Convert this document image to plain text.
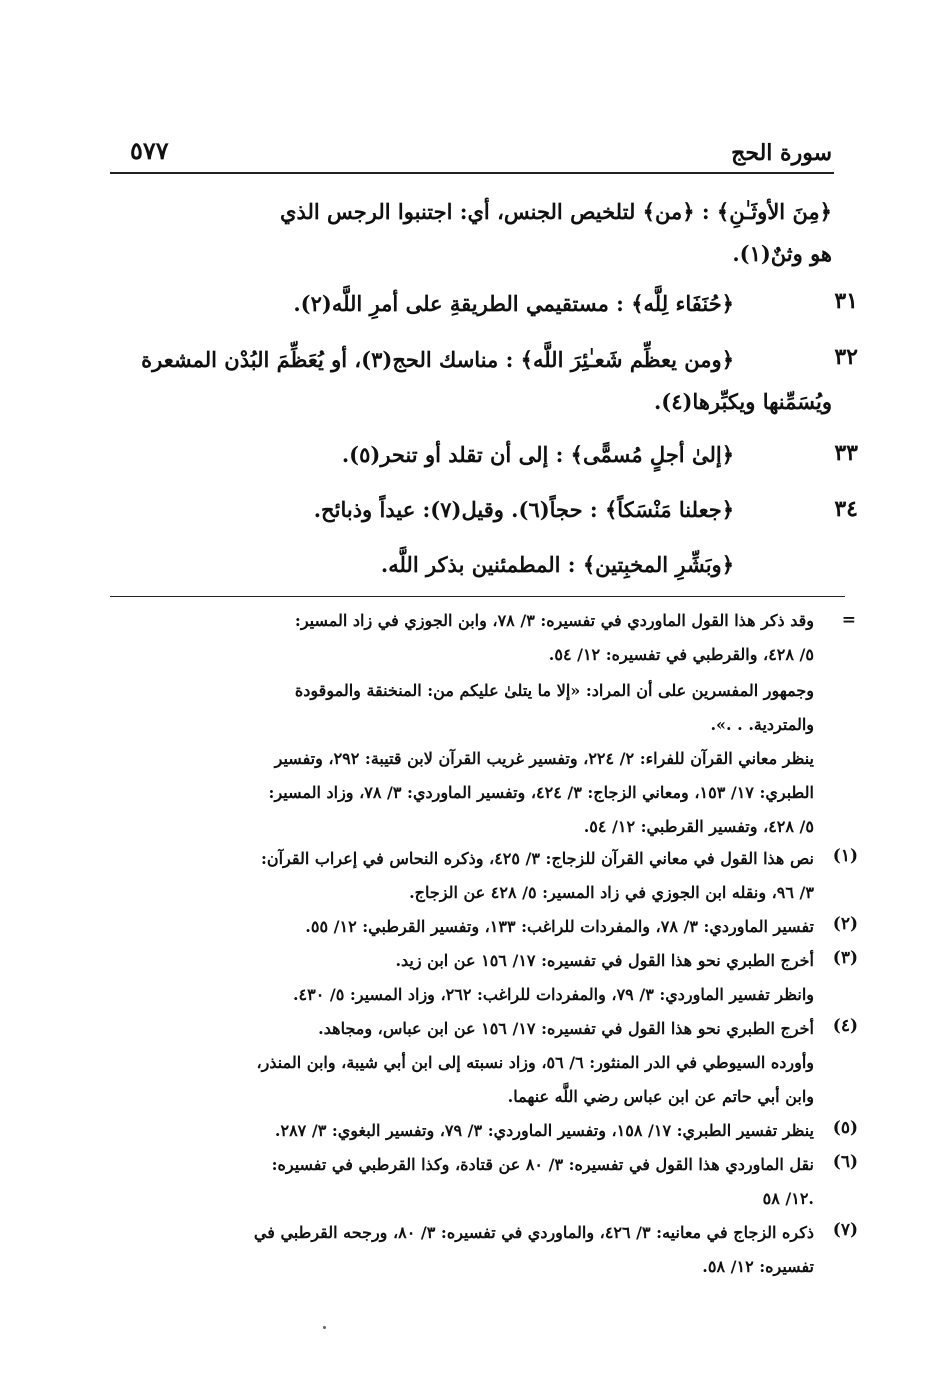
سورة الحج
٥٧٧
﴿مِنَ الأوثَـٰنِ﴾ : ﴿من﴾ لتلخيص الجنس، أي: اجتنبوا الرجس الذي
هو وثنٌ(١).
٣١
﴿حُنَفَاء لِلَّه﴾ : مستقيمي الطريقةِ على أمرِ اللَّه(٢).
٣٢
﴿ومن يعظِّم شَعـٰئِرَ اللَّه﴾ : مناسك الحج(٣)، أو يُعَظِّمَ البُدْن المشعرة
ويُسَمِّنها ويكبِّرها(٤).
٣٣
﴿إلىٰ أجلٍ مُسمًّى﴾ : إلى أن تقلد أو تنحر(٥).
٣٤
﴿جعلنا مَنْسَكاً﴾ : حجاً(٦). وقيل(٧): عيداً وذبائح.
﴿وبَشِّرِ المخبِتين﴾ : المطمئنين بذكر اللَّه.
=
وقد ذكر هذا القول الماوردي في تفسيره: ٣/ ٧٨، وابن الجوزي في زاد المسير:
٥/ ٤٢٨، والقرطبي في تفسيره: ١٢/ ٥٤.
وجمهور المفسرين على أن المراد: «إلا ما يتلىٰ عليكم من: المنخنقة والموقودة
والمتردية. . .».
ينظر معاني القرآن للفراء: ٢/ ٢٢٤، وتفسير غريب القرآن لابن قتيبة: ٢٩٢، وتفسير
الطبري: ١٧/ ١٥٣، ومعاني الزجاج: ٣/ ٤٢٤، وتفسير الماوردي: ٣/ ٧٨، وزاد المسير:
٥/ ٤٢٨، وتفسير القرطبي: ١٢/ ٥٤.
(١)
نص هذا القول في معاني القرآن للزجاج: ٣/ ٤٢٥، وذكره النحاس في إعراب القرآن:
٣/ ٩٦، ونقله ابن الجوزي في زاد المسير: ٥/ ٤٢٨ عن الزجاج.
(٢)
تفسير الماوردي: ٣/ ٧٨، والمفردات للراغب: ١٣٣، وتفسير القرطبي: ١٢/ ٥٥.
(٣)
أخرج الطبري نحو هذا القول في تفسيره: ١٧/ ١٥٦ عن ابن زيد.
وانظر تفسير الماوردي: ٣/ ٧٩، والمفردات للراغب: ٢٦٢، وزاد المسير: ٥/ ٤٣٠.
(٤)
أخرج الطبري نحو هذا القول في تفسيره: ١٧/ ١٥٦ عن ابن عباس، ومجاهد.
وأورده السيوطي في الدر المنثور: ٦/ ٥٦، وزاد نسبته إلى ابن أبي شيبة، وابن المنذر،
وابن أبي حاتم عن ابن عباس رضي اللَّه عنهما.
(٥)
ينظر تفسير الطبري: ١٧/ ١٥٨، وتفسير الماوردي: ٣/ ٧٩، وتفسير البغوي: ٣/ ٢٨٧.
(٦)
نقل الماوردي هذا القول في تفسيره: ٣/ ٨٠ عن قتادة، وكذا القرطبي في تفسيره:
١٢/ ٥٨.
(٧)
ذكره الزجاج في معانيه: ٣/ ٤٢٦، والماوردي في تفسيره: ٣/ ٨٠، ورجحه القرطبي في
تفسيره: ١٢/ ٥٨.
